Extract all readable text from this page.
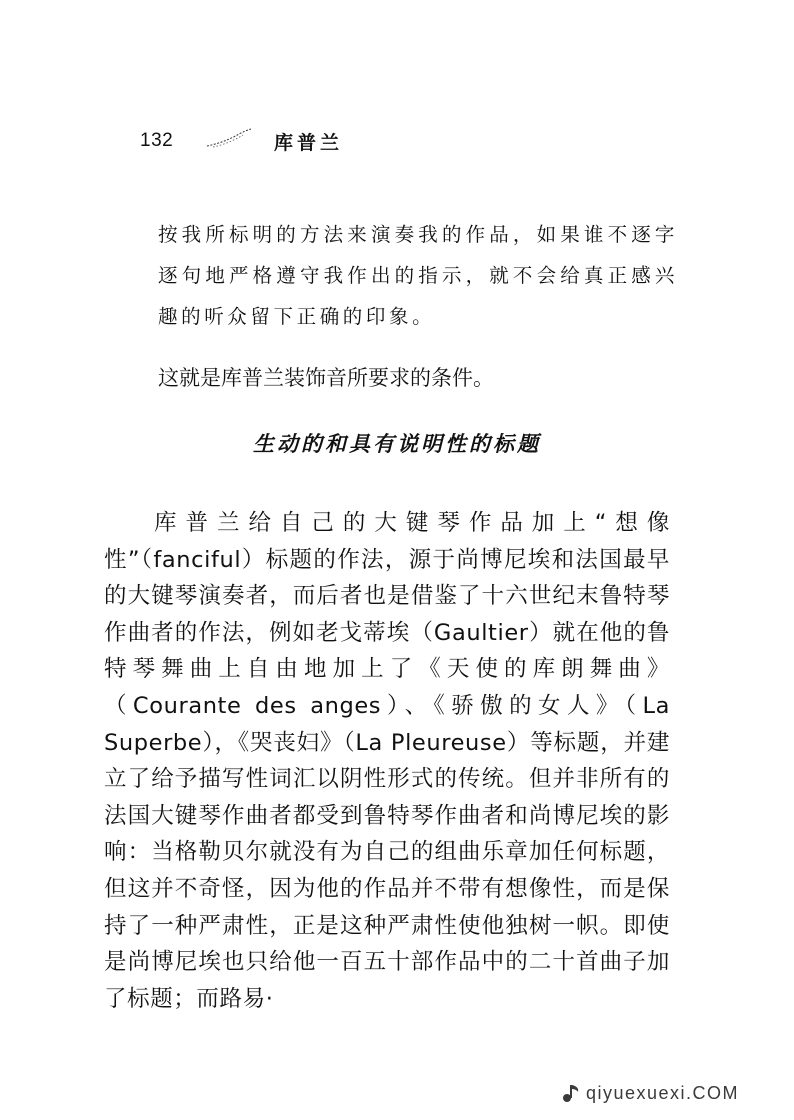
132	库普兰

按我所标明的方法来演奏我的作品，如果谁不逐字逐句地严格遵守我作出的指示，就不会给真正感兴趣的听众留下正确的印象。

这就是库普兰装饰音所要求的条件。

生动的和具有说明性的标题

库普兰给自己的大键琴作品加上“想像性”（fanciful）标题的作法，源于尚博尼埃和法国最早的大键琴演奏者，而后者也是借鉴了十六世纪末鲁特琴作曲者的作法，例如老戈蒂埃（Gaultier）就在他的鲁特琴舞曲上自由地加上了《天使的库朗舞曲》（Courante des anges）、《骄傲的女人》（La Superbe），《哭丧妇》（La Pleureuse）等标题，并建立了给予描写性词汇以阴性形式的传统。但并非所有的法国大键琴作曲者都受到鲁特琴作曲者和尚博尼埃的影响：当格勒贝尔就没有为自己的组曲乐章加任何标题，但这并不奇怪，因为他的作品并不带有想像性，而是保持了一种严肃性，正是这种严肃性使他独树一帜。即使是尚博尼埃也只给他一百五十部作品中的二十首曲子加了标题；而路易·

qiyuexuexi.COM
